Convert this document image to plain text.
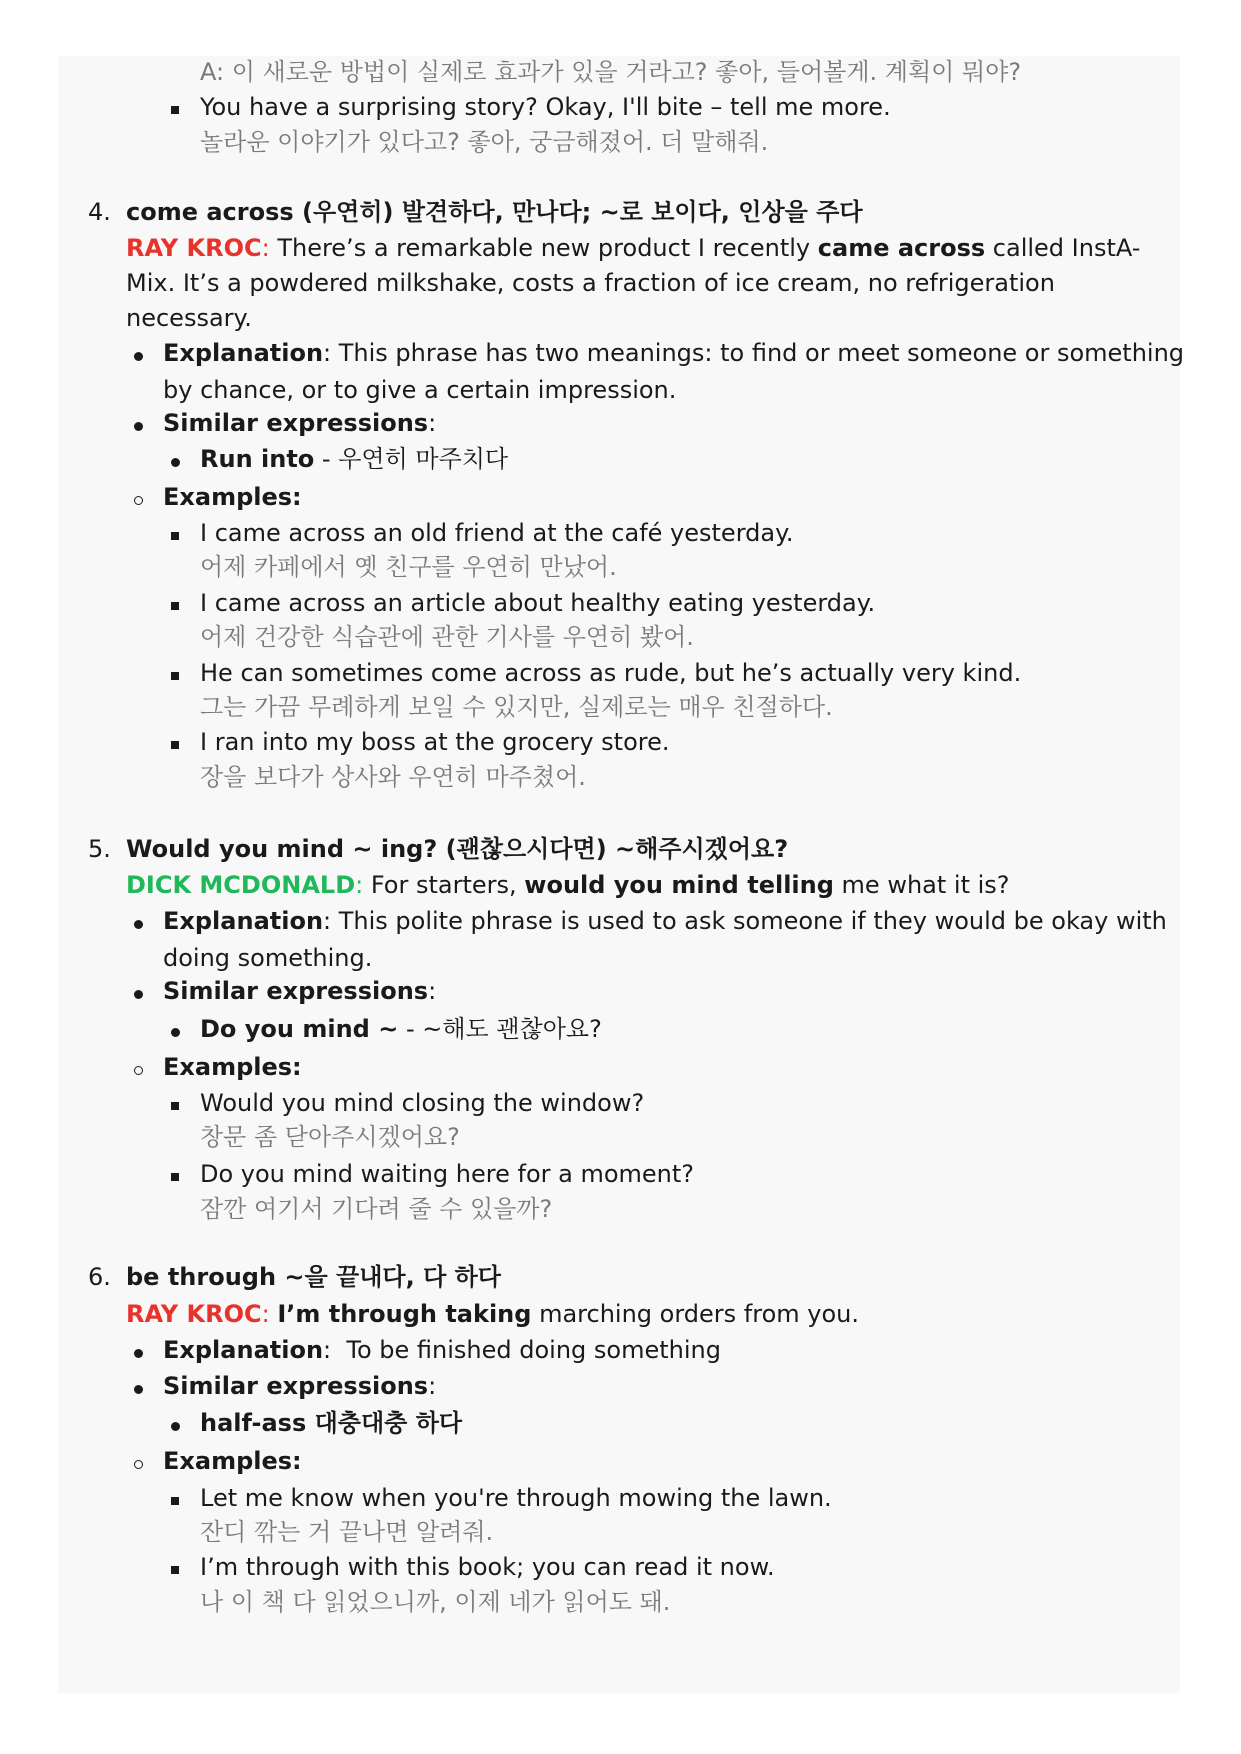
A: 이 새로운 방법이 실제로 효과가 있을 거라고? 좋아, 들어볼게. 계획이 뭐야?
You have a surprising story? Okay, I'll bite – tell me more.
놀라운 이야기가 있다고? 좋아, 궁금해졌어. 더 말해줘.
4. come across (우연히) 발견하다, 만나다; ~로 보이다, 인상을 주다
RAY KROC: There’s a remarkable new product I recently came across called InstA-
Mix. It’s a powdered milkshake, costs a fraction of ice cream, no refrigeration
necessary.
Explanation: This phrase has two meanings: to find or meet someone or something
by chance, or to give a certain impression.
Similar expressions:
Run into - 우연히 마주치다
Examples:
I came across an old friend at the café yesterday.
어제 카페에서 옛 친구를 우연히 만났어.
I came across an article about healthy eating yesterday.
어제 건강한 식습관에 관한 기사를 우연히 봤어.
He can sometimes come across as rude, but he’s actually very kind.
그는 가끔 무례하게 보일 수 있지만, 실제로는 매우 친절하다.
I ran into my boss at the grocery store.
장을 보다가 상사와 우연히 마주쳤어.
5. Would you mind ~ ing? (괜찮으시다면) ~해주시겠어요?
DICK MCDONALD: For starters, would you mind telling me what it is?
Explanation: This polite phrase is used to ask someone if they would be okay with
doing something.
Similar expressions:
Do you mind ~ - ~해도 괜찮아요?
Examples:
Would you mind closing the window?
창문 좀 닫아주시겠어요?
Do you mind waiting here for a moment?
잠깐 여기서 기다려 줄 수 있을까?
6. be through ~을 끝내다, 다 하다
RAY KROC: I’m through taking marching orders from you.
Explanation:  To be finished doing something
Similar expressions:
half-ass 대충대충 하다
Examples:
Let me know when you're through mowing the lawn.
잔디 깎는 거 끝나면 알려줘.
I’m through with this book; you can read it now.
나 이 책 다 읽었으니까, 이제 네가 읽어도 돼.
